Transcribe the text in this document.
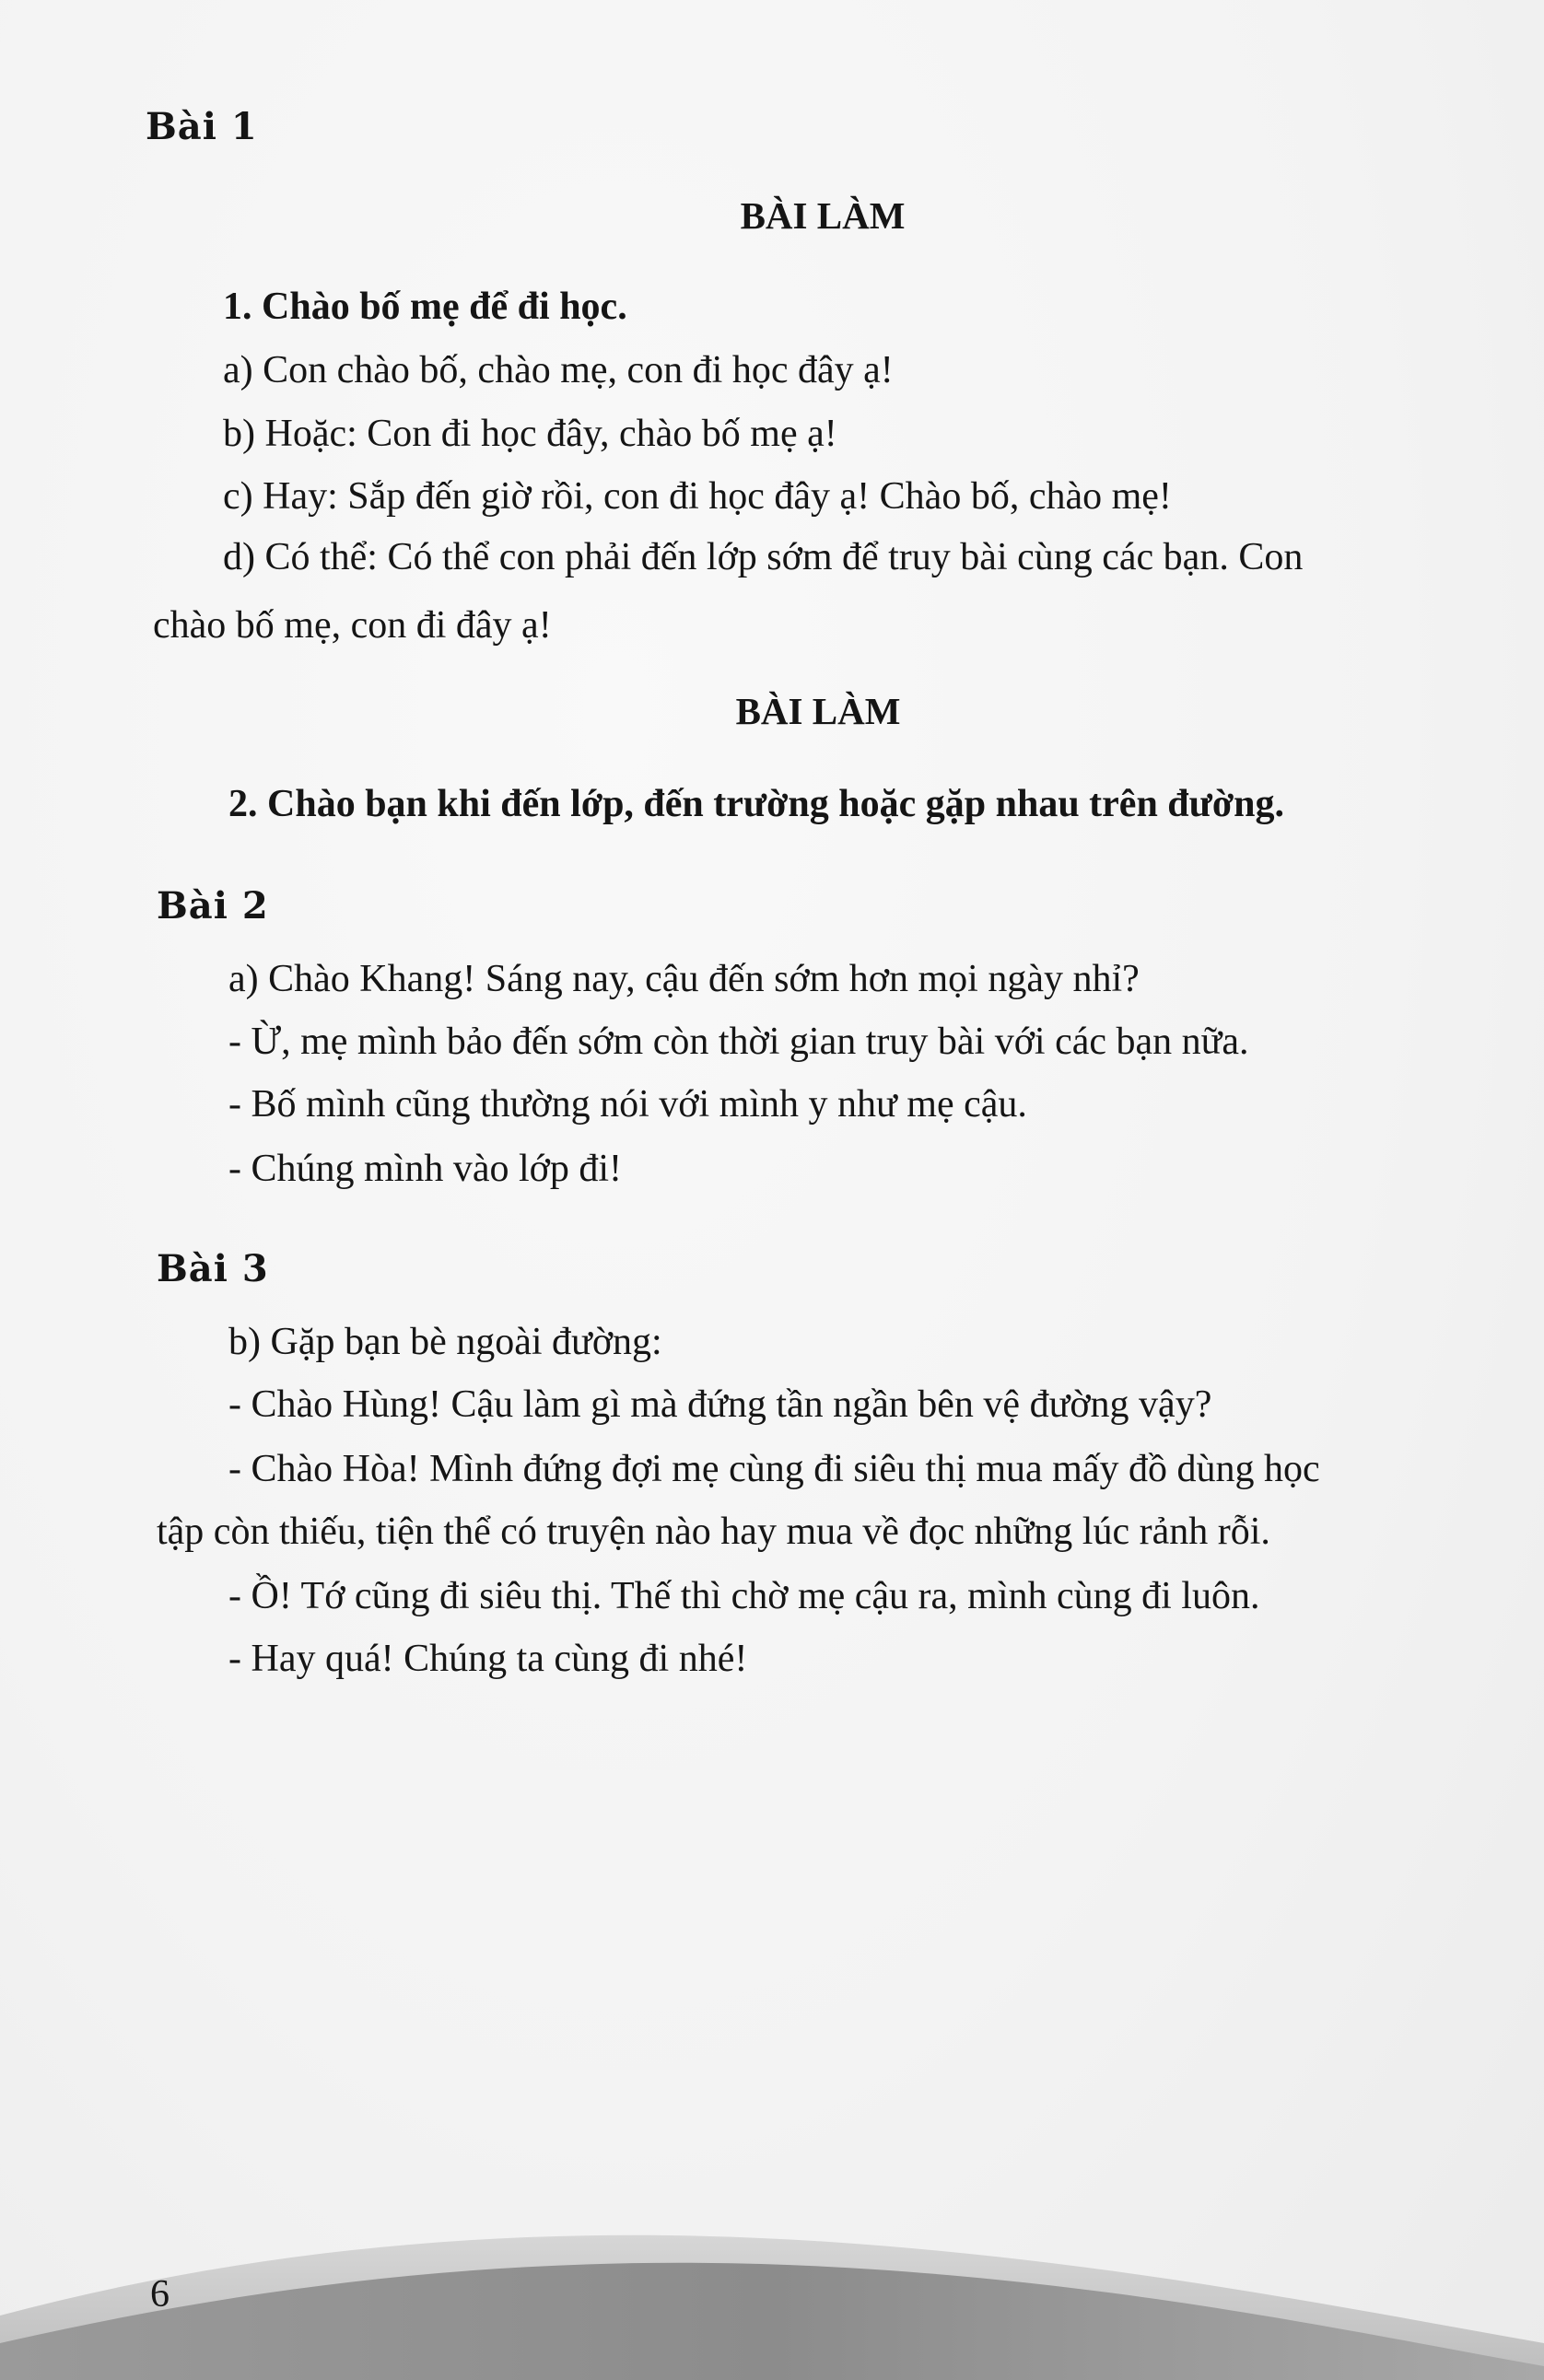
Bài 1
BÀI LÀM
1. Chào bố mẹ để đi học.
a) Con chào bố, chào mẹ, con đi học đây ạ!
b) Hoặc: Con đi học đây, chào bố mẹ ạ!
c) Hay: Sắp đến giờ rồi, con đi học đây ạ! Chào bố, chào mẹ!
d) Có thể: Có thể con phải đến lớp sớm để truy bài cùng các bạn. Con
chào bố mẹ, con đi đây ạ!
BÀI LÀM
2. Chào bạn khi đến lớp, đến trường hoặc gặp nhau trên đường.
Bài 2
a) Chào Khang! Sáng nay, cậu đến sớm hơn mọi ngày nhỉ?
- Ừ, mẹ mình bảo đến sớm còn thời gian truy bài với các bạn nữa.
- Bố mình cũng thường nói với mình y như mẹ cậu.
- Chúng mình vào lớp đi!
Bài 3
b) Gặp bạn bè ngoài đường:
- Chào Hùng! Cậu làm gì mà đứng tần ngần bên vệ đường vậy?
- Chào Hòa! Mình đứng đợi mẹ cùng đi siêu thị mua mấy đồ dùng học
tập còn thiếu, tiện thể có truyện nào hay mua về đọc những lúc rảnh rỗi.
- Ồ! Tớ cũng đi siêu thị. Thế thì chờ mẹ cậu ra, mình cùng đi luôn.
- Hay quá! Chúng ta cùng đi nhé!
6
